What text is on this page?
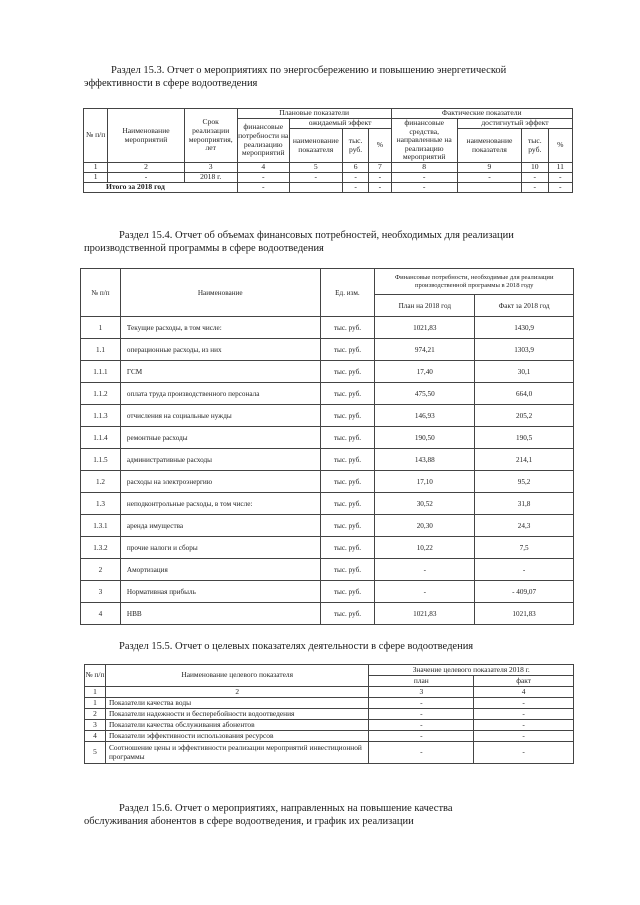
Раздел 15.3. Отчет о мероприятиях по энергосбережению и повышению энергетической
эффективности в сфере водоотведения
№ п/п	Наименование мероприятий	Срок реализации мероприятия, лет	Плановые показатели				Фактические показатели			
			финансовые потребности на реализацию мероприятий	ожидаемый эффект			финансовые средства, направленные на реализацию мероприятий	достигнутый эффект		
				наименование показателя	тыс. руб.	%		наименование показателя	тыс. руб.	%
1	2	3	4	5	6	7	8	9	10	11
1	-	2018 г.	-	-	-	-	-	-	-	-
Итого за 2018 год			-		-	-	-		-	-
Раздел 15.4. Отчет об объемах финансовых потребностей, необходимых для реализации
производственной программы в сфере водоотведения
№ п/п	Наименование	Ед. изм.	Финансовые потребности, необходимые для реализации производственной программы в 2018 году	
			План на 2018 год	Факт за 2018 год
1	Текущие расходы, в том числе:	тыс. руб.	1021,83	1430,9
1.1	операционные расходы, из них	тыс. руб.	974,21	1303,9
1.1.1	ГСМ	тыс. руб.	17,40	30,1
1.1.2	оплата труда производственного персонала	тыс. руб.	475,50	664,0
1.1.3	отчисления на социальные нужды	тыс. руб.	146,93	205,2
1.1.4	ремонтные расходы	тыс. руб.	190,50	190,5
1.1.5	административные расходы	тыс. руб.	143,88	214,1
1.2	расходы на электроэнергию	тыс. руб.	17,10	95,2
1.3	неподконтрольные расходы, в том числе:	тыс. руб.	30,52	31,8
1.3.1	аренда имущества	тыс. руб.	20,30	24,3
1.3.2	прочие налоги и сборы	тыс. руб.	10,22	7,5
2	Амортизация	тыс. руб.	-	-
3	Нормативная прибыль	тыс. руб.	-	- 409,07
4	НВВ	тыс. руб.	1021,83	1021,83
Раздел 15.5. Отчет о целевых показателях деятельности в сфере водоотведения
№ п/п	Наименование целевого показателя	Значение целевого показателя 2018 г.	
		план	факт
1	2	3	4
1	Показатели качества воды	-	-
2	Показатели надежности и бесперебойности водоотведения	-	-
3	Показатели качества обслуживания абонентов	-	-
4	Показатели эффективности использования ресурсов	-	-
5	Соотношение цены и эффективности реализации мероприятий инвестиционной программы	-	-
Раздел 15.6. Отчет о мероприятиях, направленных на повышение качества
обслуживания абонентов в сфере водоотведения, и график их реализации
